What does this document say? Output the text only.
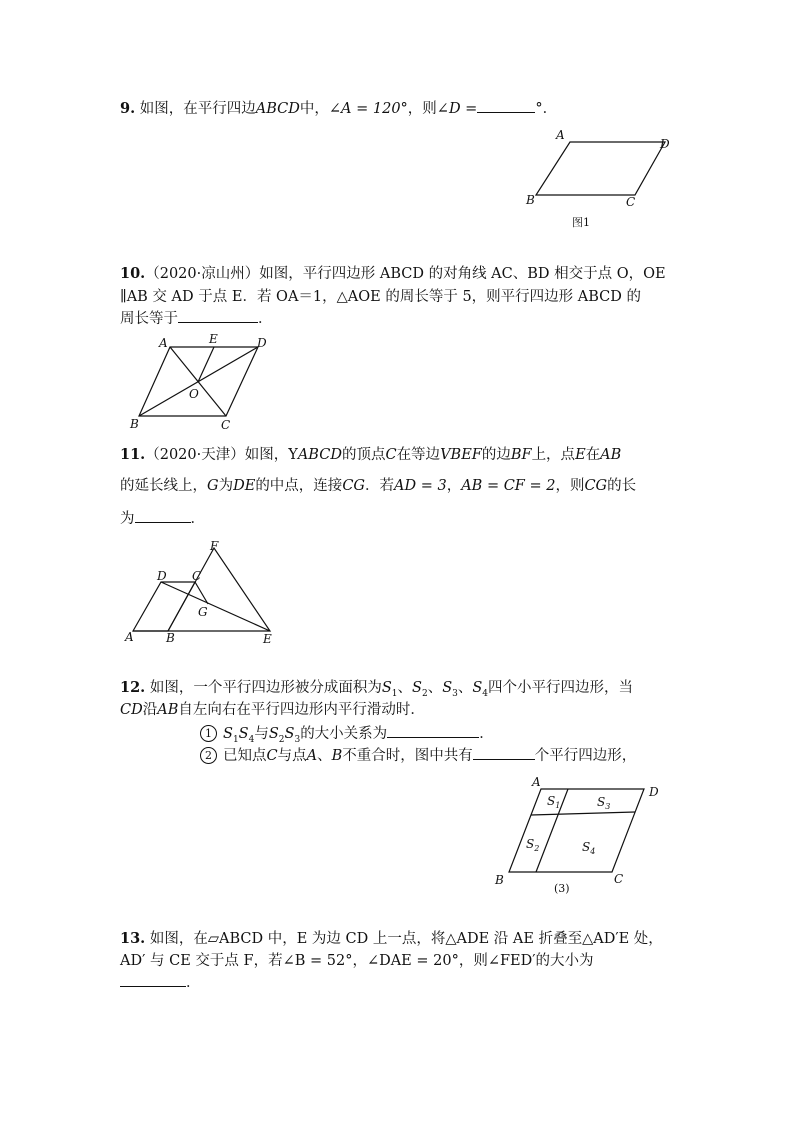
9. 如图，在平行四边ABCD中，∠A = 120°，则∠D =	°．
A
D
B	C
图1
10.（2020·凉山州）如图，平行四边形 ABCD 的对角线 AC、BD 相交于点 O，OE
∥AB 交 AD 于点 E．若 OA＝1，△AOE 的周长等于 5，则平行四边形 ABCD 的
周长等于	．
A	E	D
O
B	C
11.（2020·天津）如图，YABCD的顶点C在等边VBEF的边BF上，点E在AB
的延长线上，G为DE的中点，连接CG．若AD = 3，AB = CF = 2，则CG的长
为	．
F
D C
G
A	B	E
12. 如图，一个平行四边形被分成面积为$S_1$、$S_2$、$S_3$、$S_4$四个小平行四边形，当
CD沿AB自左向右在平行四边形内平行滑动时．
1 $S_1S_4$与$S_2S_3$的大小关系为	．
2 已知点C与点A、B不重合时，图中共有	个平行四边形，
A
D
B	C
$S_1$	$S_3$
$S_2$	$S_4$
(3)
13. 如图，在▱ABCD 中，E 为边 CD 上一点，将△ADE 沿 AE 折叠至△AD′E 处，
AD′ 与 CE 交于点 F，若∠B = 52°，∠DAE = 20°，则∠FED′的大小为
．
